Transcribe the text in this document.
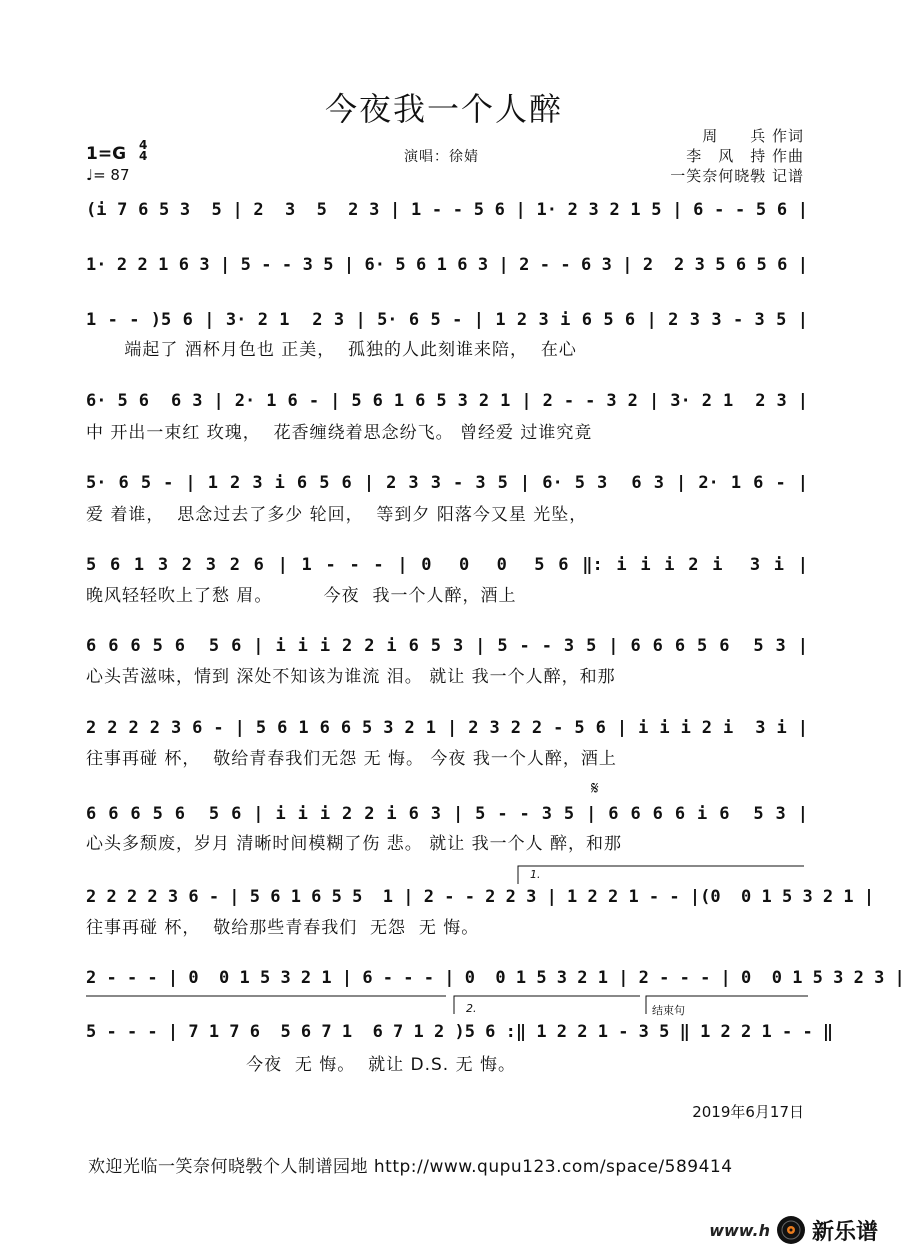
今夜我一个人醉
周　　兵 作词
李　风　持 作曲
一笑奈何晓斅 记谱
1=G 4
4
♩= 87
演唱：徐婧
(i 7 6 5 3  5 | 2  3  5  2 3 | 1 - - 5 6 | 1· 2 3 2 1 5 | 6 - - 5 6 |
1· 2 2 1 6 3 | 5 - - 3 5 | 6· 5 6 1 6 3 | 2 - - 6 3 | 2  2 3 5 6 5 6 |
1 - - )5 6 | 3· 2 1  2 3 | 5· 6 5 - | 1 2 3 i 6 5 6 | 2 3 3 - 3 5 |
端起了 酒杯月色也 正美，  孤独的人此刻谁来陪，  在心
6· 5 6  6 3 | 2· 1 6 - | 5 6 1 6 5 3 2 1 | 2 - - 3 2 | 3· 2 1  2 3 |
中 开出一束红 玫瑰，  花香缠绕着思念纷飞。 曾经爱 过谁究竟
5· 6 5 - | 1 2 3 i 6 5 6 | 2 3 3 - 3 5 | 6· 5 3  6 3 | 2· 1 6 - |
爱 着谁，  思念过去了多少 轮回，  等到夕 阳落今又星 光坠，
5 6 1 3 2 3 2 6 | 1 - - - | 0  0  0  5 6 ‖: i i i 2 i  3 i |
晚风轻轻吹上了愁 眉。        今夜  我一个人醉，酒上
6 6 6 5 6  5 6 | i i i 2 2 i 6 5 3 | 5 - - 3 5 | 6 6 6 5 6  5 3 |
心头苦滋味，情到 深处不知该为谁流 泪。 就让 我一个人醉，和那
2 2 2 2 3 6 - | 5 6 1 6 6 5 3 2 1 | 2 3 2 2 - 5 6 | i i i 2 i  3 i |
往事再碰 杯，  敬给青春我们无怨 无 悔。 今夜 我一个人醉，酒上
𝄋
6 6 6 5 6  5 6 | i i i 2 2 i 6 3 | 5 - - 3 5 | 6 6 6 6 i 6  5 3 |
心头多颓废，岁月 清晰时间模糊了伤 悲。 就让 我一个人 醉，和那
1.
2 2 2 2 3 6 - | 5 6 1 6 5 5  1 | 2 - - 2 2 3 | 1 2 2 1 - - |(0  0 1 5 3 2 1 |
往事再碰 杯，  敬给那些青春我们  无怨  无 悔。
2 - - - | 0  0 1 5 3 2 1 | 6 - - - | 0  0 1 5 3 2 1 | 2 - - - | 0  0 1 5 3 2 3 |
2.	结束句
5 - - - | 7 1 7 6  5 6 7 1  6 7 1 2 )5 6 :‖ 1 2 2 1 - 3 5 ‖ 1 2 2 1 - - ‖
今夜  无 悔。  就让 D.S. 无 悔。
2019年6月17日
欢迎光临一笑奈何晓斅个人制谱园地 http://www.qupu123.com/space/589414
www.h 新乐谱
